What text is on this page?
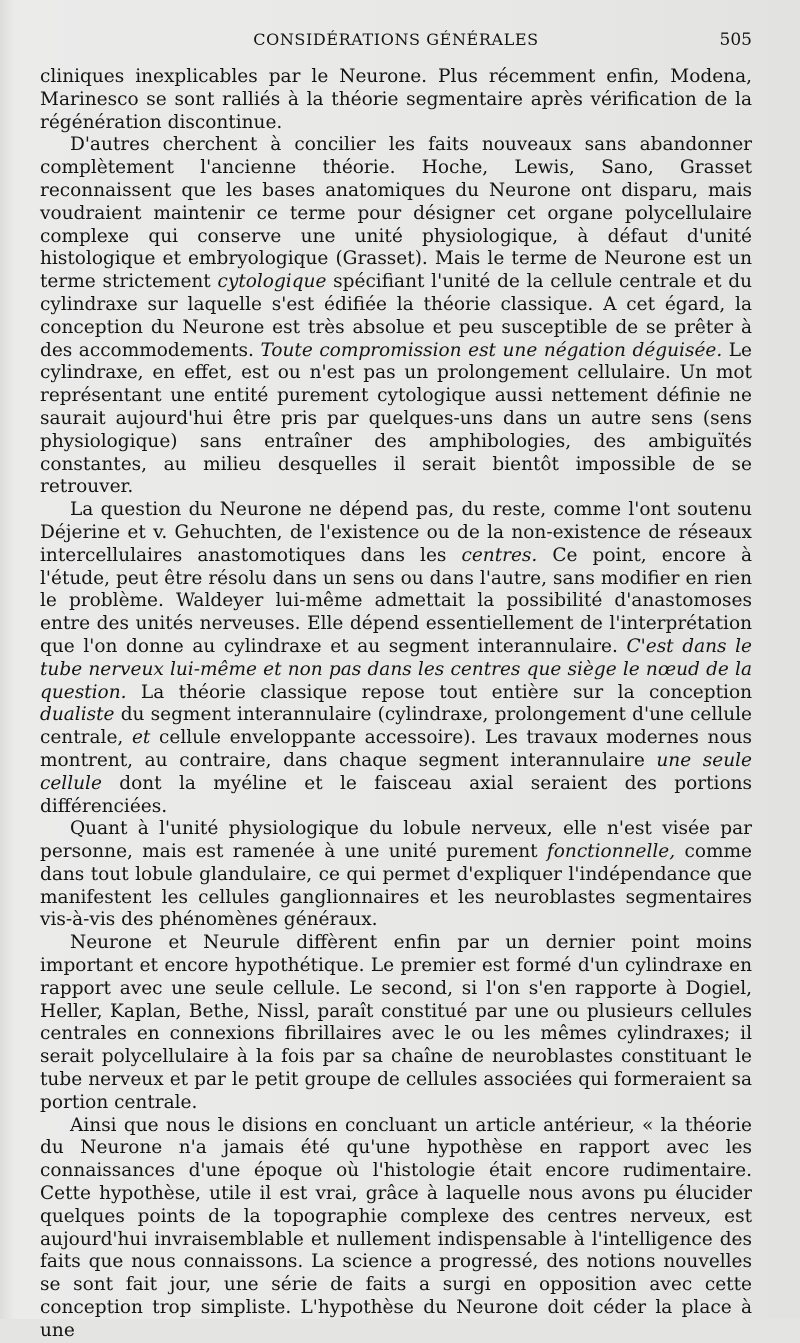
CONSIDÉRATIONS GÉNÉRALES	505

cliniques inexplicables par le Neurone. Plus récemment enfin, Modena, Marinesco se sont ralliés à la théorie segmentaire après vérification de la régénération discontinue.

D'autres cherchent à concilier les faits nouveaux sans abandonner complètement l'ancienne théorie. Hoche, Lewis, Sano, Grasset reconnaissent que les bases anatomiques du Neurone ont disparu, mais voudraient maintenir ce terme pour désigner cet organe polycellulaire complexe qui conserve une unité physiologique, à défaut d'unité histologique et embryologique (Grasset). Mais le terme de Neurone est un terme strictement cytologique spécifiant l'unité de la cellule centrale et du cylindraxe sur laquelle s'est édifiée la théorie classique. A cet égard, la conception du Neurone est très absolue et peu susceptible de se prêter à des accommodements. Toute compromission est une négation déguisée. Le cylindraxe, en effet, est ou n'est pas un prolongement cellulaire. Un mot représentant une entité purement cytologique aussi nettement définie ne saurait aujourd'hui être pris par quelques-uns dans un autre sens (sens physiologique) sans entraîner des amphibologies, des ambiguïtés constantes, au milieu desquelles il serait bientôt impossible de se retrouver.

La question du Neurone ne dépend pas, du reste, comme l'ont soutenu Déjerine et v. Gehuchten, de l'existence ou de la non-existence de réseaux intercellulaires anastomotiques dans les centres. Ce point, encore à l'étude, peut être résolu dans un sens ou dans l'autre, sans modifier en rien le problème. Waldeyer lui-même admettait la possibilité d'anastomoses entre des unités nerveuses. Elle dépend essentiellement de l'interprétation que l'on donne au cylindraxe et au segment interannulaire. C'est dans le tube nerveux lui-même et non pas dans les centres que siège le nœud de la question. La théorie classique repose tout entière sur la conception dualiste du segment interannulaire (cylindraxe, prolongement d'une cellule centrale, et cellule enveloppante accessoire). Les travaux modernes nous montrent, au contraire, dans chaque segment interannulaire une seule cellule dont la myéline et le faisceau axial seraient des portions différenciées.

Quant à l'unité physiologique du lobule nerveux, elle n'est visée par personne, mais est ramenée à une unité purement fonctionnelle, comme dans tout lobule glandulaire, ce qui permet d'expliquer l'indépendance que manifestent les cellules ganglionnaires et les neuroblastes segmentaires vis-à-vis des phénomènes généraux.

Neurone et Neurule diffèrent enfin par un dernier point moins important et encore hypothétique. Le premier est formé d'un cylindraxe en rapport avec une seule cellule. Le second, si l'on s'en rapporte à Dogiel, Heller, Kaplan, Bethe, Nissl, paraît constitué par une ou plusieurs cellules centrales en connexions fibrillaires avec le ou les mêmes cylindraxes; il serait polycellulaire à la fois par sa chaîne de neuroblastes constituant le tube nerveux et par le petit groupe de cellules associées qui formeraient sa portion centrale.

Ainsi que nous le disions en concluant un article antérieur, « la théorie du Neurone n'a jamais été qu'une hypothèse en rapport avec les connaissances d'une époque où l'histologie était encore rudimentaire. Cette hypothèse, utile il est vrai, grâce à laquelle nous avons pu élucider quelques points de la topographie complexe des centres nerveux, est aujourd'hui invraisemblable et nullement indispensable à l'intelligence des faits que nous connaissons. La science a progressé, des notions nouvelles se sont fait jour, une série de faits a surgi en opposition avec cette conception trop simpliste. L'hypothèse du Neurone doit céder la place à une
